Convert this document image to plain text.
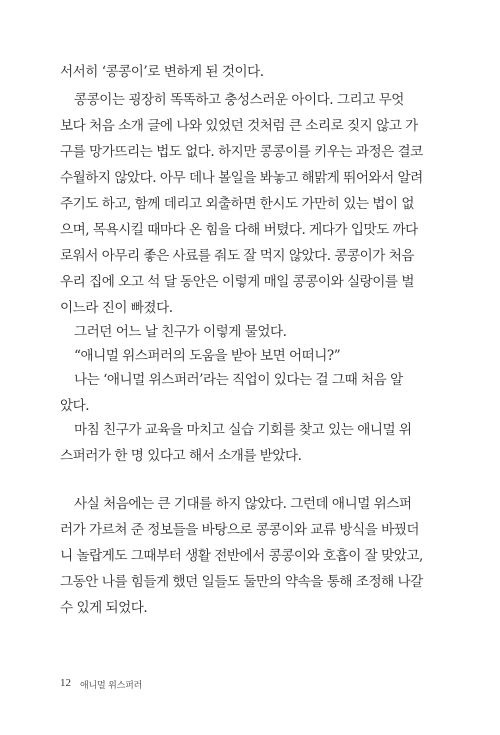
서서히 ‘콩콩이’로 변하게 된 것이다.
콩콩이는 굉장히 똑똑하고 충성스러운 아이다. 그리고 무엇
보다 처음 소개 글에 나와 있었던 것처럼 큰 소리로 짖지 않고 가
구를 망가뜨리는 법도 없다. 하지만 콩콩이를 키우는 과정은 결코
수월하지 않았다. 아무 데나 볼일을 봐놓고 해맑게 뛰어와서 알려
주기도 하고, 함께 데리고 외출하면 한시도 가만히 있는 법이 없
으며, 목욕시킬 때마다 온 힘을 다해 버텼다. 게다가 입맛도 까다
로워서 아무리 좋은 사료를 줘도 잘 먹지 않았다. 콩콩이가 처음
우리 집에 오고 석 달 동안은 이렇게 매일 콩콩이와 실랑이를 벌
이느라 진이 빠졌다.
그러던 어느 날 친구가 이렇게 물었다.
“애니멀 위스퍼러의 도움을 받아 보면 어떠니?”
나는 ‘애니멀 위스퍼러’라는 직업이 있다는 걸 그때 처음 알
았다.
마침 친구가 교육을 마치고 실습 기회를 찾고 있는 애니멀 위
스퍼러가 한 명 있다고 해서 소개를 받았다.
사실 처음에는 큰 기대를 하지 않았다. 그런데 애니멀 위스퍼
러가 가르쳐 준 정보들을 바탕으로 콩콩이와 교류 방식을 바꿨더
니 놀랍게도 그때부터 생활 전반에서 콩콩이와 호흡이 잘 맞았고,
그동안 나를 힘들게 했던 일들도 둘만의 약속을 통해 조정해 나갈
수 있게 되었다.
12 애니멀 위스퍼러
